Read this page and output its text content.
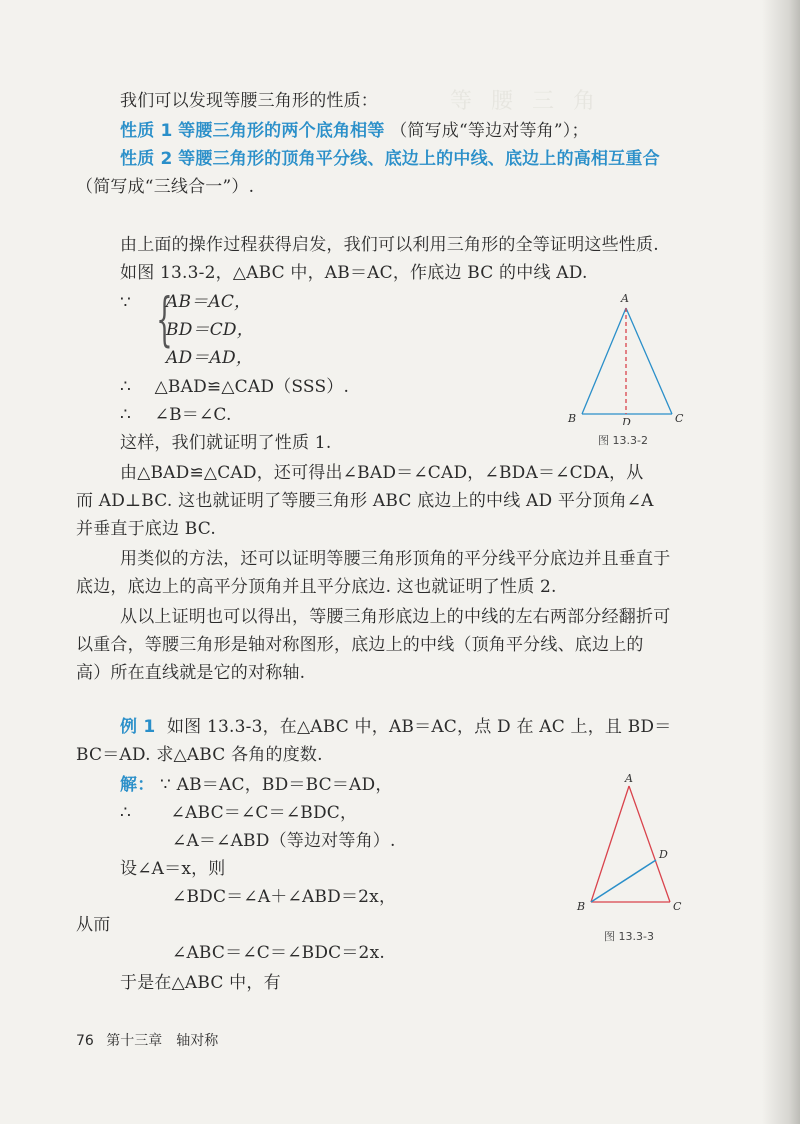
等 腰 三 角
我们可以发现等腰三角形的性质：
性质 1 等腰三角形的两个底角相等 （简写成“等边对等角”）；
性质 2 等腰三角形的顶角平分线、底边上的中线、底边上的高相互重合
（简写成“三线合一”）.
由上面的操作过程获得启发，我们可以利用三角形的全等证明这些性质.
如图 13.3-2，△ABC 中，AB＝AC，作底边 BC 的中线 AD.
∵ {
AB＝AC，
BD＝CD，
AD＝AD，
∴ △BAD≌△CAD（SSS）.
∴ ∠B＝∠C.
这样，我们就证明了性质 1.
A
B	D	C
图 13.3-2
由△BAD≌△CAD，还可得出∠BAD＝∠CAD，∠BDA＝∠CDA，从
而 AD⊥BC. 这也就证明了等腰三角形 ABC 底边上的中线 AD 平分顶角∠A
并垂直于底边 BC.
用类似的方法，还可以证明等腰三角形顶角的平分线平分底边并且垂直于
底边，底边上的高平分顶角并且平分底边. 这也就证明了性质 2.
从以上证明也可以得出，等腰三角形底边上的中线的左右两部分经翻折可
以重合，等腰三角形是轴对称图形，底边上的中线（顶角平分线、底边上的
高）所在直线就是它的对称轴.
例 1 如图 13.3-3，在△ABC 中，AB＝AC，点 D 在 AC 上，且 BD＝
BC＝AD. 求△ABC 各角的度数.
解： ∵ AB＝AC，BD＝BC＝AD，
∴ ∠ABC＝∠C＝∠BDC，
∠A＝∠ABD（等边对等角）.
设∠A＝x，则
∠BDC＝∠A＋∠ABD＝2x，
从而
∠ABC＝∠C＝∠BDC＝2x.
于是在△ABC 中，有
A
D
B	C
图 13.3-3
76 第十三章　轴对称
